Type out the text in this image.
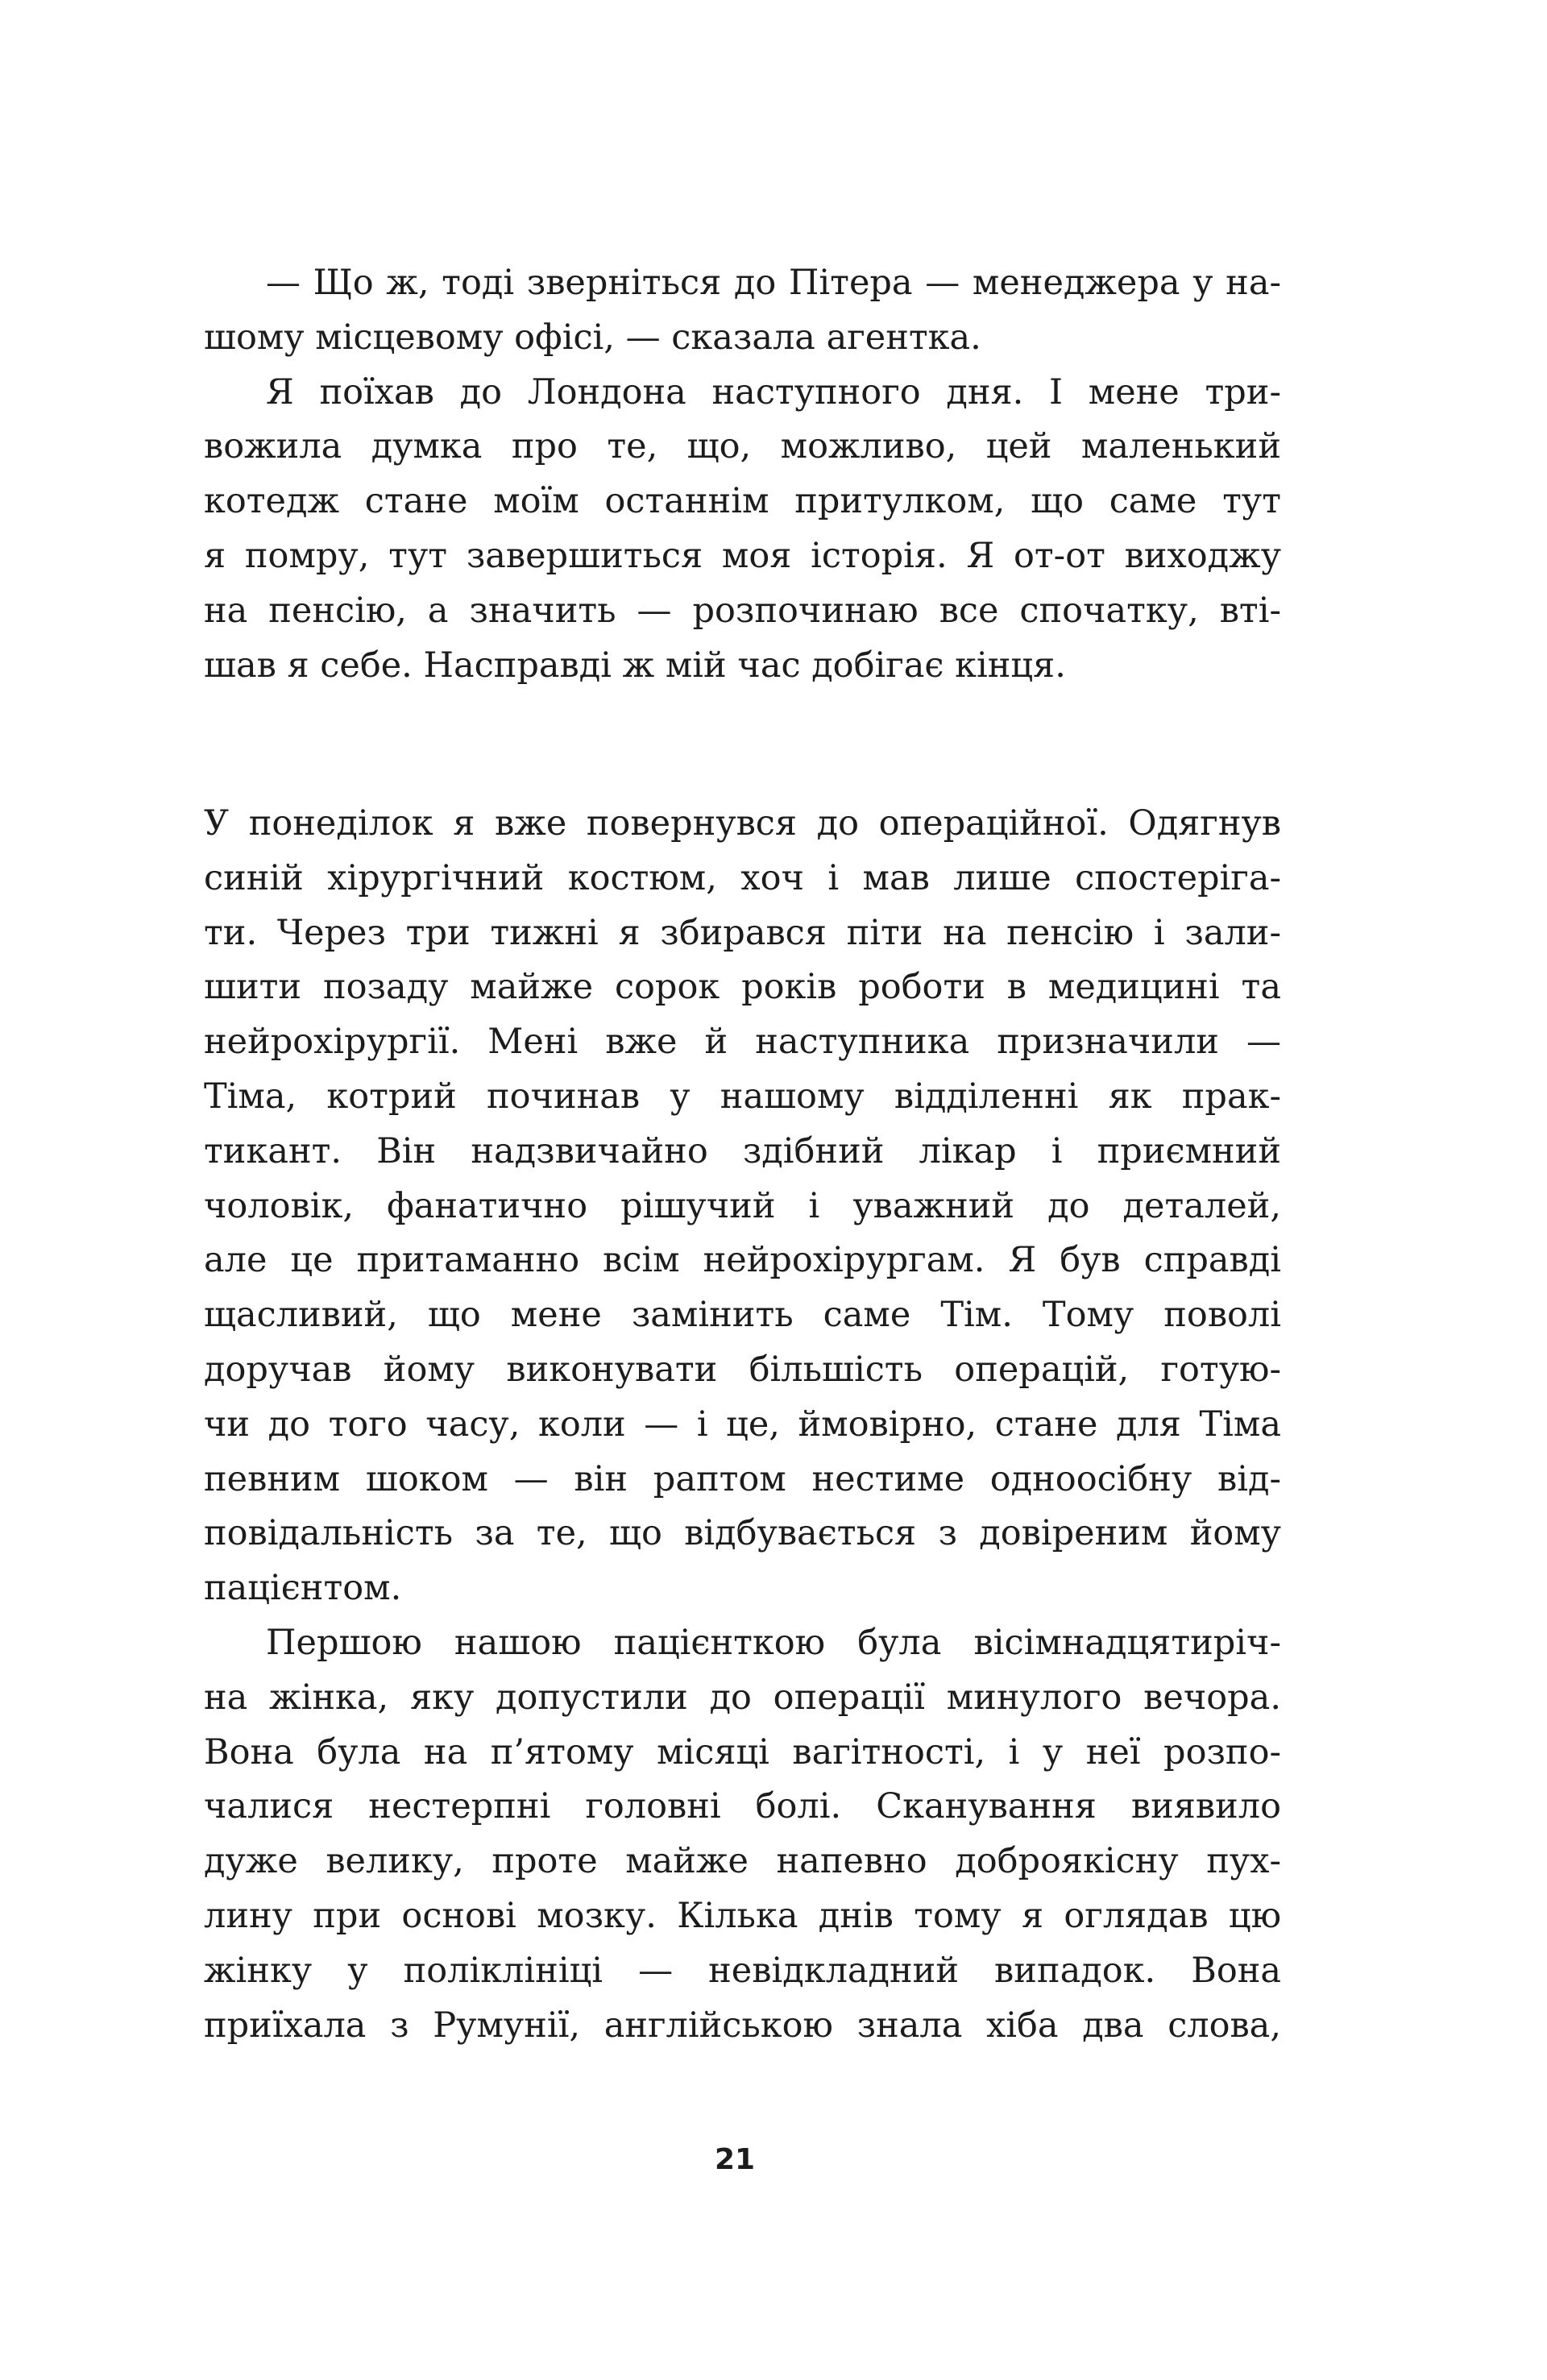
— Що ж, тоді зверніться до Пітера — менеджера у на-
шому місцевому офісі, — сказала агентка.
Я поїхав до Лондона наступного дня. І мене три-
вожила думка про те, що, можливо, цей маленький
котедж стане моїм останнім притулком, що саме тут
я помру, тут завершиться моя історія. Я от-от виходжу
на пенсію, а значить — розпочинаю все спочатку, вті-
шав я себе. Насправді ж мій час добігає кінця.
У понеділок я вже повернувся до операційної. Одягнув
синій хірургічний костюм, хоч і мав лише спостеріга-
ти. Через три тижні я збирався піти на пенсію і зали-
шити позаду майже сорок років роботи в медицині та
нейрохірургії. Мені вже й наступника призначили —
Тіма, котрий починав у нашому відділенні як прак-
тикант. Він надзвичайно здібний лікар і приємний
чоловік, фанатично рішучий і уважний до деталей,
але це притаманно всім нейрохірургам. Я був справді
щасливий, що мене замінить саме Тім. Тому поволі
доручав йому виконувати більшість операцій, готую-
чи до того часу, коли — і це, ймовірно, стане для Тіма
певним шоком — він раптом нестиме одноосібну від-
повідальність за те, що відбувається з довіреним йому
пацієнтом.
Першою нашою пацієнткою була вісімнадцятиріч-
на жінка, яку допустили до операції минулого вечора.
Вона була на п’ятому місяці вагітності, і у неї розпо-
чалися нестерпні головні болі. Сканування виявило
дуже велику, проте майже напевно доброякісну пух-
лину при основі мозку. Кілька днів тому я оглядав цю
жінку у поліклініці — невідкладний випадок. Вона
приїхала з Румунії, англійською знала хіба два слова,
21
